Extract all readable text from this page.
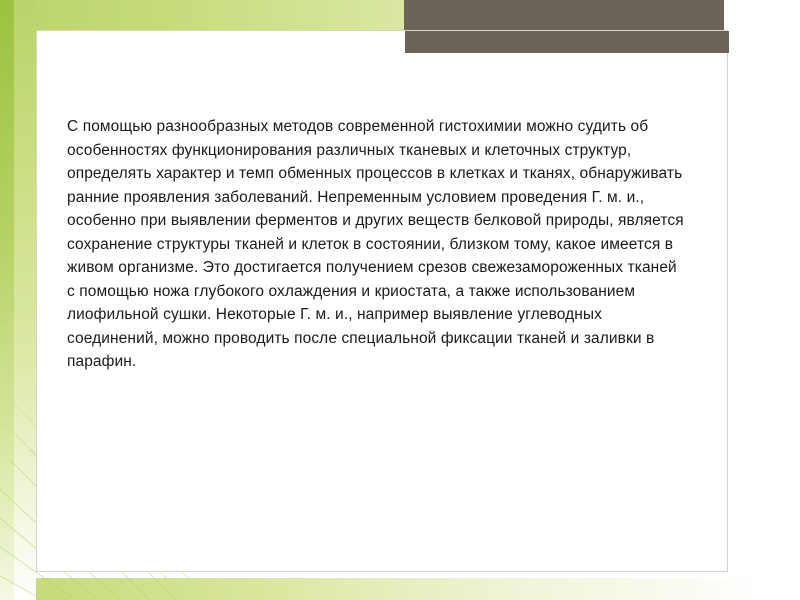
С помощью разнообразных методов современной гистохимии можно судить об особенностях функционирования различных тканевых и клеточных структур, определять характер и темп обменных процессов в клетках и тканях, обнаруживать ранние проявления заболеваний. Непременным условием проведения Г. м. и., особенно при выявлении ферментов и других веществ белковой природы, является сохранение структуры тканей и клеток в состоянии, близком тому, какое имеется в живом организме. Это достигается получением срезов свежезамороженных тканей с помощью ножа глубокого охлаждения и криостата, а также использованием лиофильной сушки. Некоторые Г. м. и., например выявление углеводных соединений, можно проводить после специальной фиксации тканей и заливки в парафин.
